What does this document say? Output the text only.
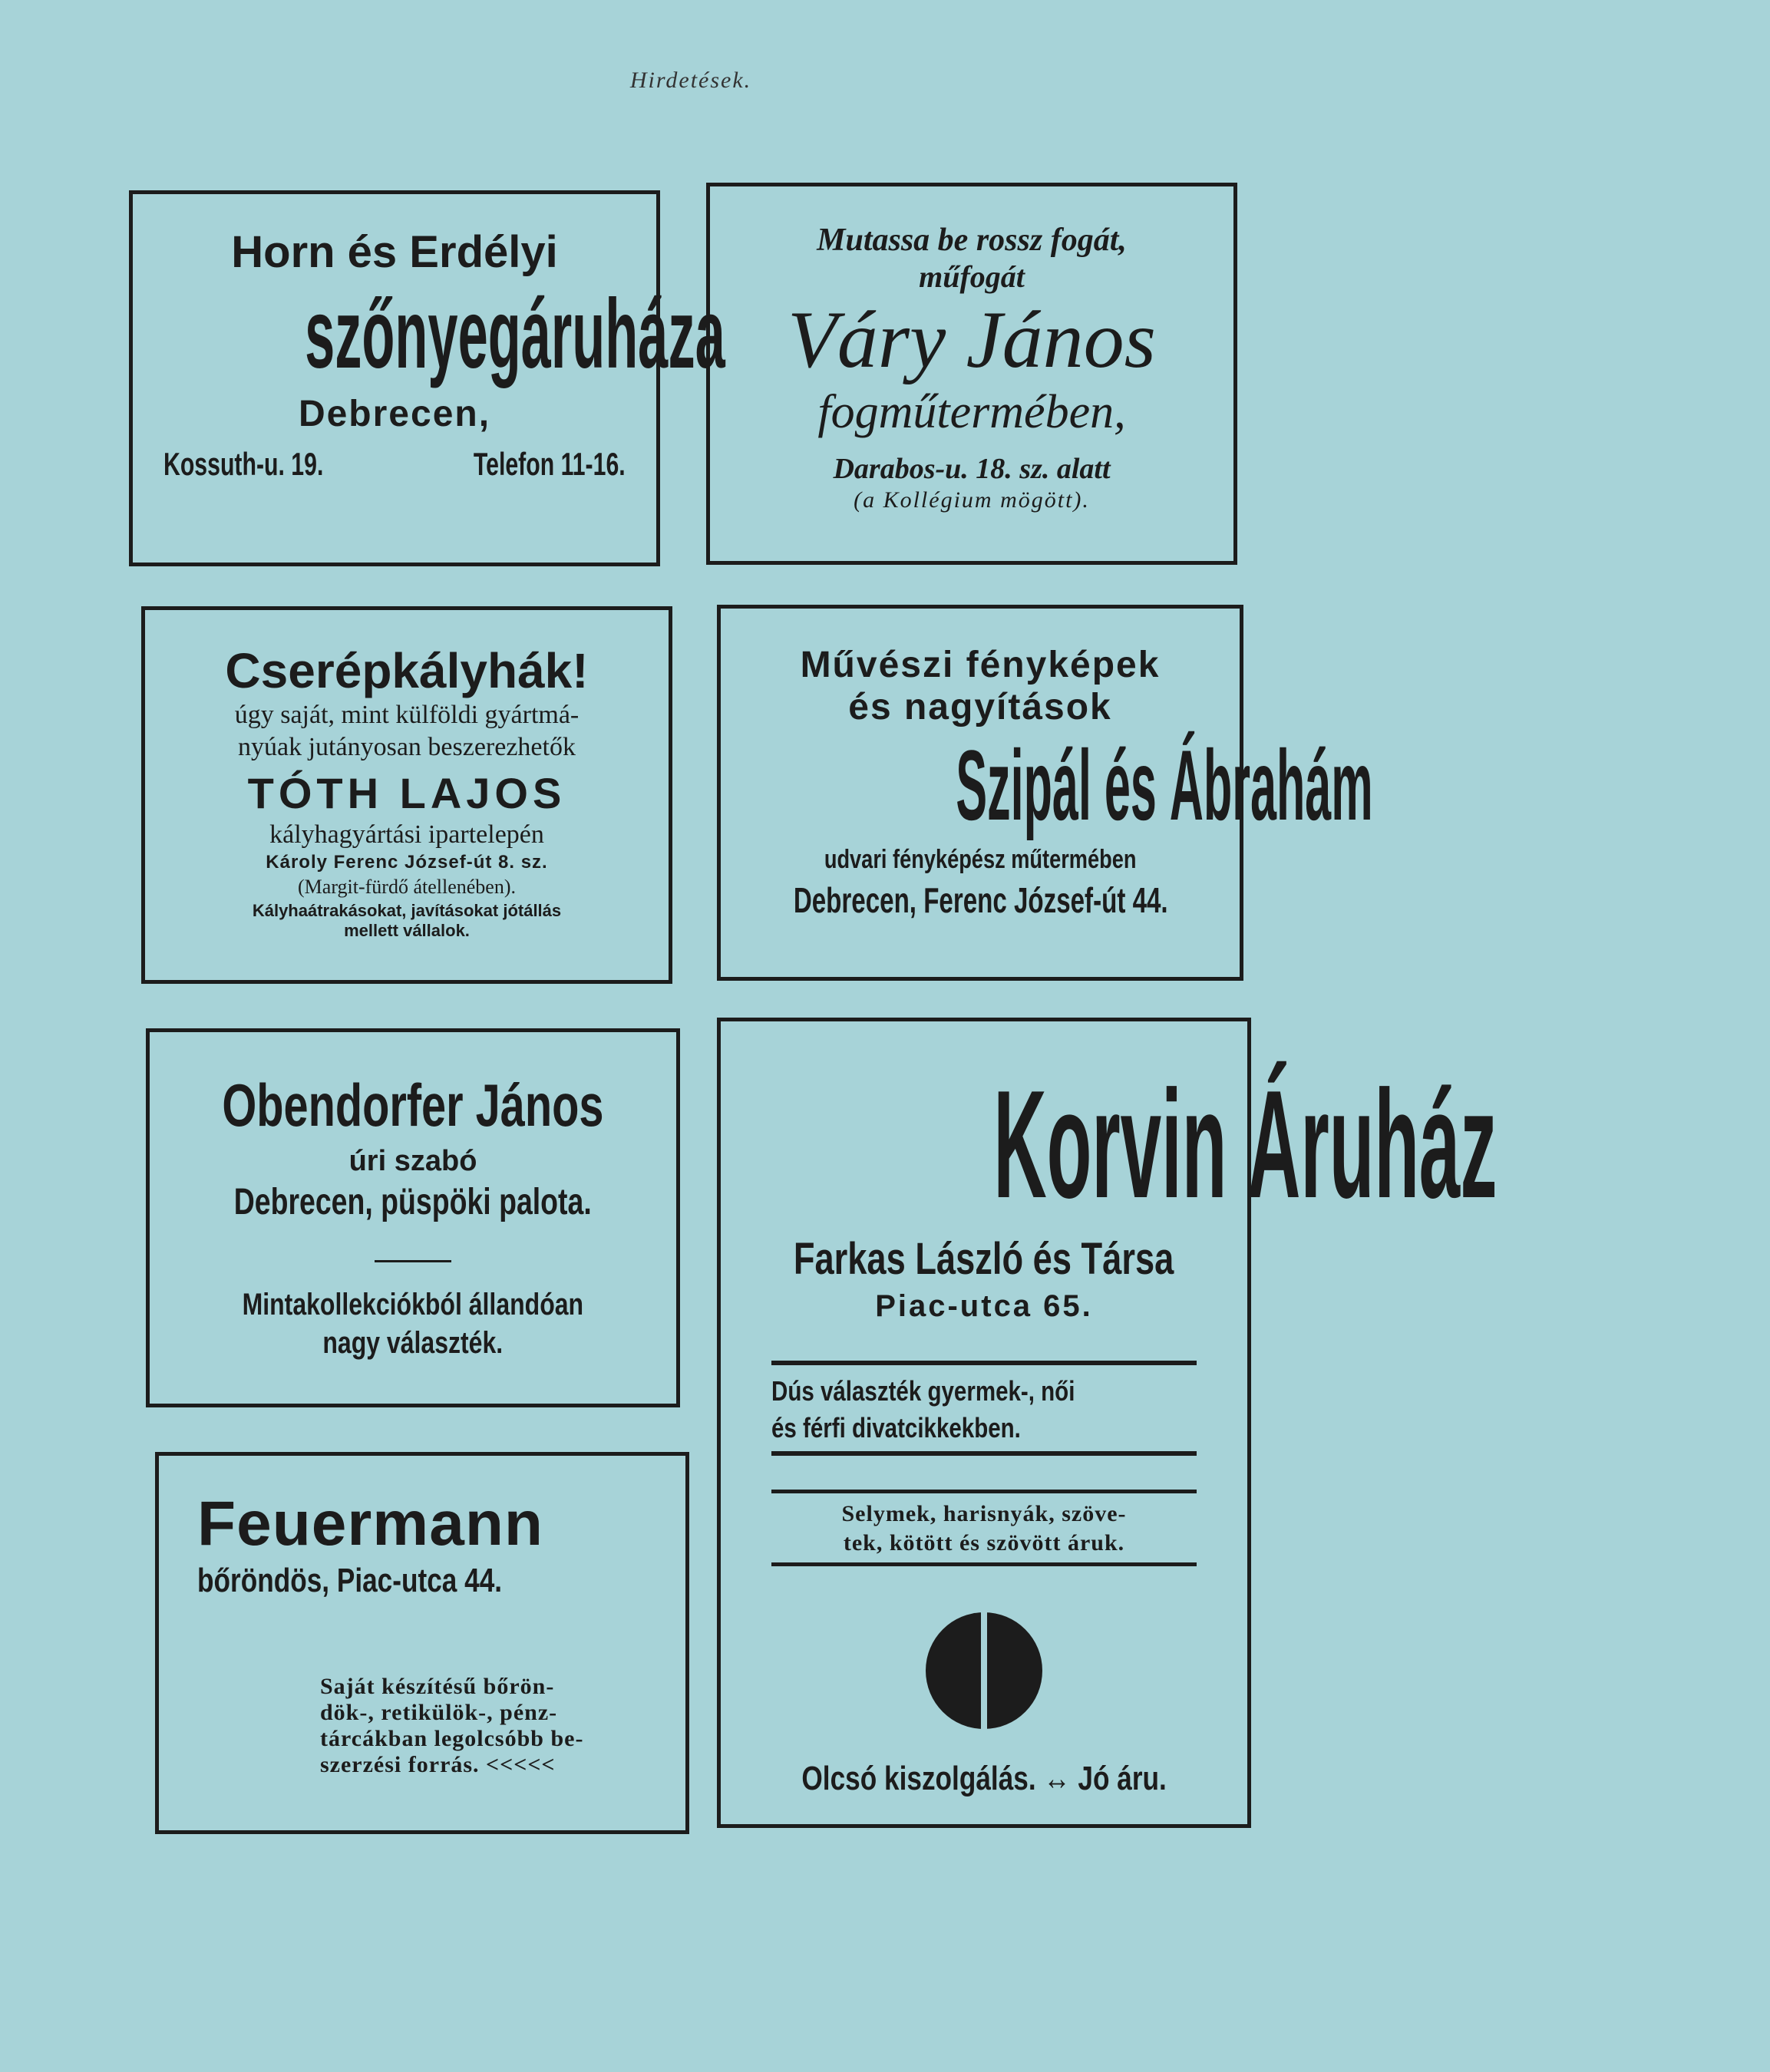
Hirdetések.
Horn és Erdélyi
szőnyegáruháza
Debrecen,
Kossuth-u. 19.	Telefon 11-16.
Mutassa be rossz fogát,
műfogát
Váry János
fogműtermében,
Darabos-u. 18. sz. alatt
(a Kollégium mögött).
Cserépkályhák!
úgy saját, mint külföldi gyártmá-
nyúak jutányosan beszerezhetők
TÓTH LAJOS
kályhagyártási ipartelepén
Károly Ferenc József-út 8. sz.
(Margit-fürdő átellenében).
Kályhaátrakásokat, javításokat jótállás
mellett vállalok.
Művészi fényképek
és nagyítások
Szipál és Ábrahám
udvari fényképész műtermében
Debrecen, Ferenc József-út 44.
Obendorfer János
úri szabó
Debrecen, püspöki palota.
Mintakollekciókból állandóan
nagy választék.
Korvin Áruház
Farkas László és Társa
Piac-utca 65.
Dús választék gyermek-, női
és férfi divatcikkekben.
Selymek, harisnyák, szöve-
tek, kötött és szövött áruk.
Olcsó kiszolgálás. ↔ Jó áru.
Feuermann
bőröndös, Piac-utca 44.
Saját készítésű bőrön-
dök-, retikülök-, pénz-
tárcákban legolcsóbb be-
szerzési forrás. <<<<<
